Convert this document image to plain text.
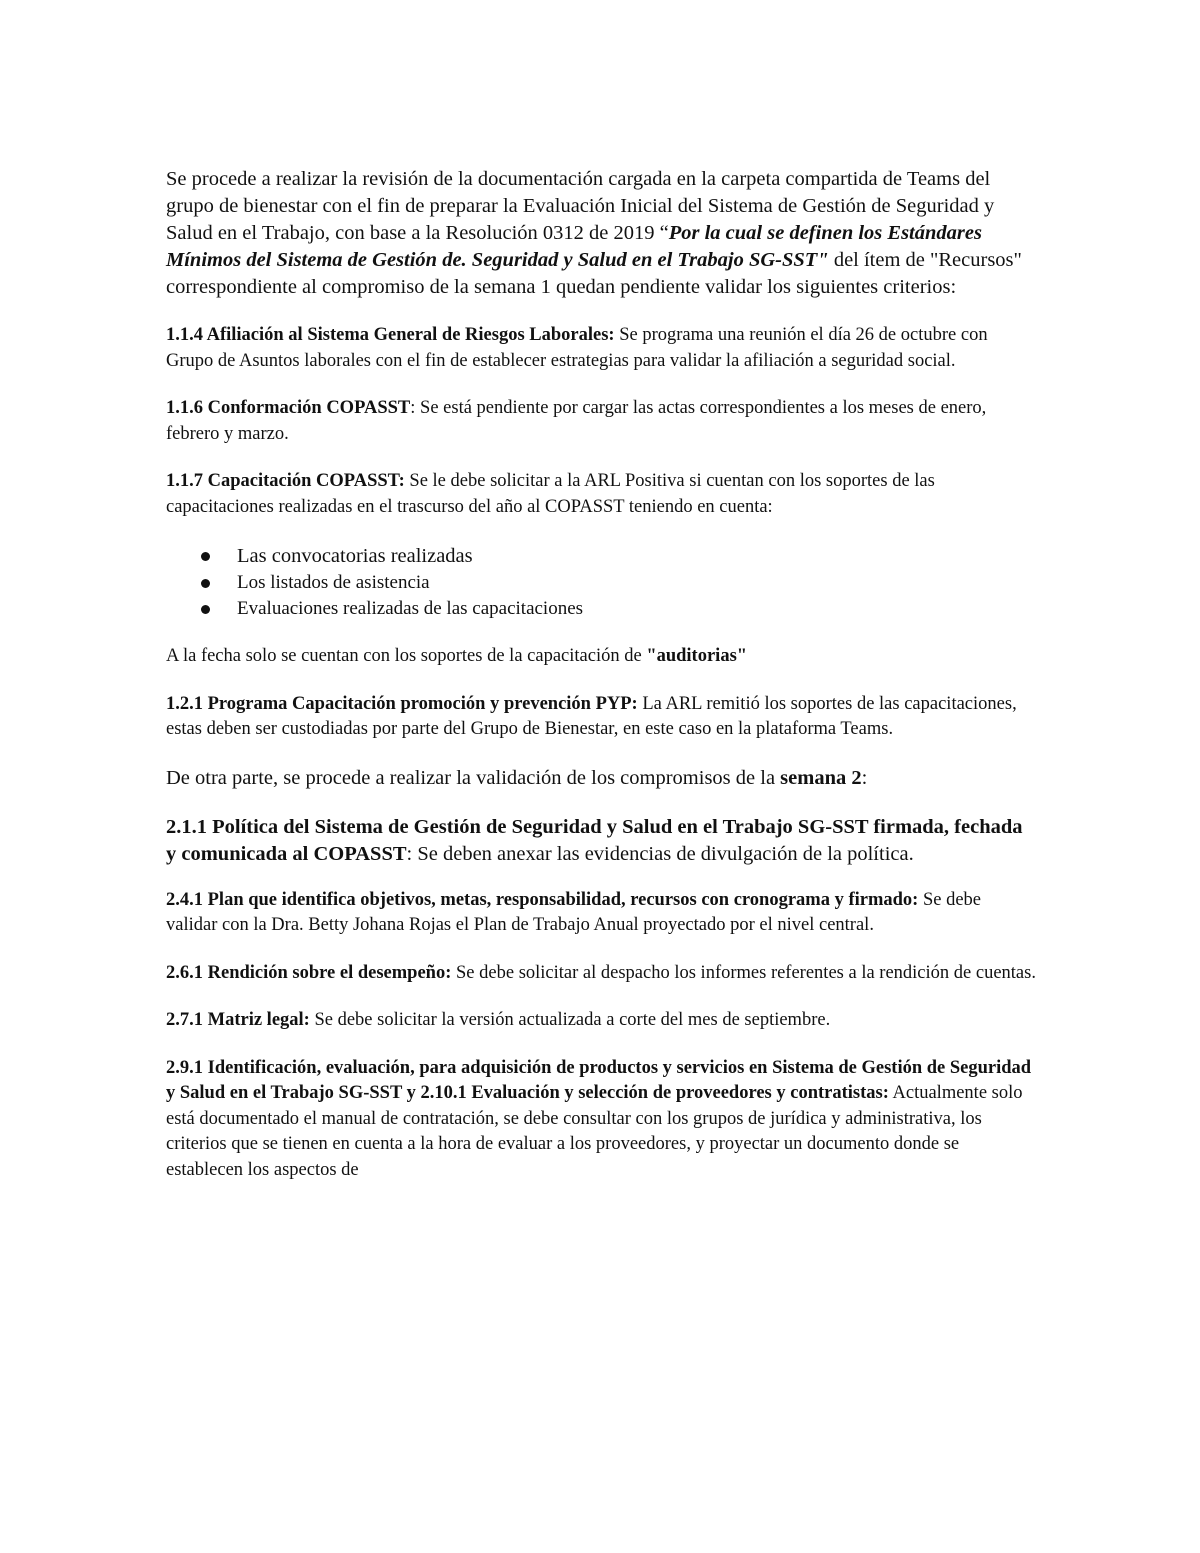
Se procede a realizar la revisión de la documentación cargada en la carpeta compartida de Teams del grupo de bienestar con el fin de preparar la Evaluación Inicial del Sistema de Gestión de Seguridad y Salud en el Trabajo, con base a la Resolución 0312 de 2019 “Por la cual se definen los Estándares Mínimos del Sistema de Gestión de. Seguridad y Salud en el Trabajo SG-SST" del ítem de "Recursos" correspondiente al compromiso de la semana 1 quedan pendiente validar los siguientes criterios:

1.1.4 Afiliación al Sistema General de Riesgos Laborales: Se programa una reunión el día 26 de octubre con Grupo de Asuntos laborales con el fin de establecer estrategias para validar la afiliación a seguridad social.

1.1.6 Conformación COPASST: Se está pendiente por cargar las actas correspondientes a los meses de enero, febrero y marzo.

1.1.7 Capacitación COPASST: Se le debe solicitar a la ARL Positiva si cuentan con los soportes de las capacitaciones realizadas en el trascurso del año al COPASST teniendo en cuenta:

Las convocatorias realizadas
Los listados de asistencia
Evaluaciones realizadas de las capacitaciones

A la fecha solo se cuentan con los soportes de la capacitación de "auditorias"

1.2.1 Programa Capacitación promoción y prevención PYP: La ARL remitió los soportes de las capacitaciones, estas deben ser custodiadas por parte del Grupo de Bienestar, en este caso en la plataforma Teams.

De otra parte, se procede a realizar la validación de los compromisos de la semana 2:

2.1.1 Política del Sistema de Gestión de Seguridad y Salud en el Trabajo SG-SST firmada, fechada y comunicada al COPASST: Se deben anexar las evidencias de divulgación de la política.

2.4.1 Plan que identifica objetivos, metas, responsabilidad, recursos con cronograma y firmado: Se debe validar con la Dra. Betty Johana Rojas el Plan de Trabajo Anual proyectado por el nivel central.

2.6.1 Rendición sobre el desempeño: Se debe solicitar al despacho los informes referentes a la rendición de cuentas.

2.7.1 Matriz legal: Se debe solicitar la versión actualizada a corte del mes de septiembre.

2.9.1 Identificación, evaluación, para adquisición de productos y servicios en Sistema de Gestión de Seguridad y Salud en el Trabajo SG-SST y 2.10.1 Evaluación y selección de proveedores y contratistas: Actualmente solo está documentado el manual de contratación, se debe consultar con los grupos de jurídica y administrativa, los criterios que se tienen en cuenta a la hora de evaluar a los proveedores, y proyectar un documento donde se establecen los aspectos de
